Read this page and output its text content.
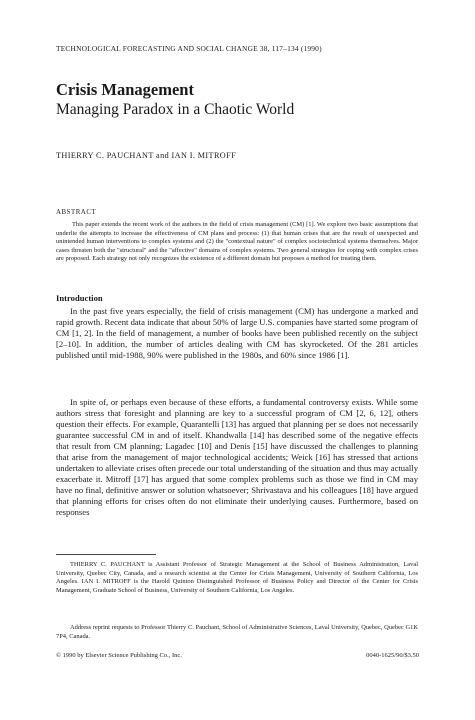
TECHNOLOGICAL FORECASTING AND SOCIAL CHANGE 38, 117–134 (1990)
Crisis Management
Managing Paradox in a Chaotic World
THIERRY C. PAUCHANT and IAN I. MITROFF
ABSTRACT
This paper extends the recent work of the authors in the field of crisis management (CM) [1]. We explore two basic assumptions that underlie the attempts to increase the effectiveness of CM plans and process: (1) that human crises that are the result of unexpected and unintended human interventions to complex systems and (2) the "contextual nature" of complex sociotechnical systems themselves. Major cases threaten both the "structural" and the "affective" domains of complex systems. Two general strategies for coping with complex crises are proposed. Each strategy not only recognizes the existence of a different domain but proposes a method for treating them.
Introduction
In the past five years especially, the field of crisis management (CM) has undergone a marked and rapid growth. Recent data indicate that about 50% of large U.S. companies have started some program of CM [1, 2]. In the field of management, a number of books have been published recently on the subject [2–10]. In addition, the number of articles dealing with CM has skyrocketed. Of the 281 articles published until mid-1988, 90% were published in the 1980s, and 60% since 1986 [1].
In spite of, or perhaps even because of these efforts, a fundamental controversy exists. While some authors stress that foresight and planning are key to a successful program of CM [2, 6, 12], others question their effects. For example, Quarantelli [13] has argued that planning per se does not necessarily guarantee successful CM in and of itself. Khandwalla [14] has described some of the negative effects that result from CM planning; Lagadec [10] and Denis [15] have discussed the challenges to planning that arise from the management of major technological accidents; Weick [16] has stressed that actions undertaken to alleviate crises often precede our total understanding of the situation and thus may actually exacerbate it. Mitroff [17] has argued that some complex problems such as those we find in CM may have no final, definitive answer or solution whatsoever; Shrivastava and his colleagues [18] have argued that planning efforts for crises often do not eliminate their underlying causes. Furthermore, based on responses
THIERRY C. PAUCHANT is Assistant Professor of Strategic Management at the School of Business Administration, Laval University, Quebec City, Canada, and a research scientist at the Center for Crisis Management, University of Southern California, Los Angeles. IAN I. MITROFF is the Harold Quinton Distinguished Professor of Business Policy and Director of the Center for Crisis Management, Graduate School of Business, University of Southern California, Los Angeles.
Address reprint requests to Professor Thierry C. Pauchant, School of Administrative Sciences, Laval University, Quebec, Quebec G1K 7P4, Canada.
© 1990 by Elsevier Science Publishing Co., Inc.	0040-1625/90/$3.50
